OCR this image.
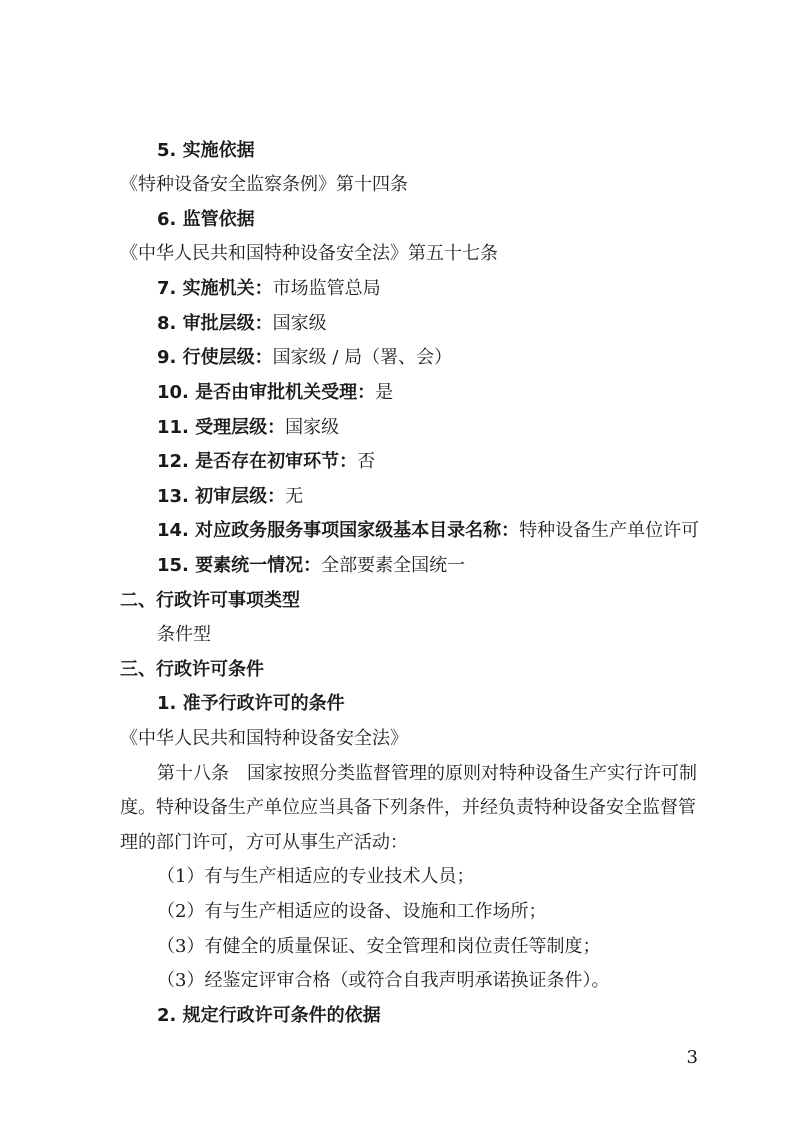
5. 实施依据
《特种设备安全监察条例》第十四条
6. 监管依据
《中华人民共和国特种设备安全法》第五十七条
7. 实施机关：市场监管总局
8. 审批层级：国家级
9. 行使层级：国家级 / 局（署、会）
10. 是否由审批机关受理：是
11. 受理层级：国家级
12. 是否存在初审环节：否
13. 初审层级：无
14. 对应政务服务事项国家级基本目录名称：特种设备生产单位许可
15. 要素统一情况：全部要素全国统一
二、行政许可事项类型
条件型
三、行政许可条件
1. 准予行政许可的条件
《中华人民共和国特种设备安全法》
第十八条　国家按照分类监督管理的原则对特种设备生产实行许可制
度。特种设备生产单位应当具备下列条件，并经负责特种设备安全监督管
理的部门许可，方可从事生产活动：
（1）有与生产相适应的专业技术人员；
（2）有与生产相适应的设备、设施和工作场所；
（3）有健全的质量保证、安全管理和岗位责任等制度；
（3）经鉴定评审合格（或符合自我声明承诺换证条件）。
2. 规定行政许可条件的依据
3
